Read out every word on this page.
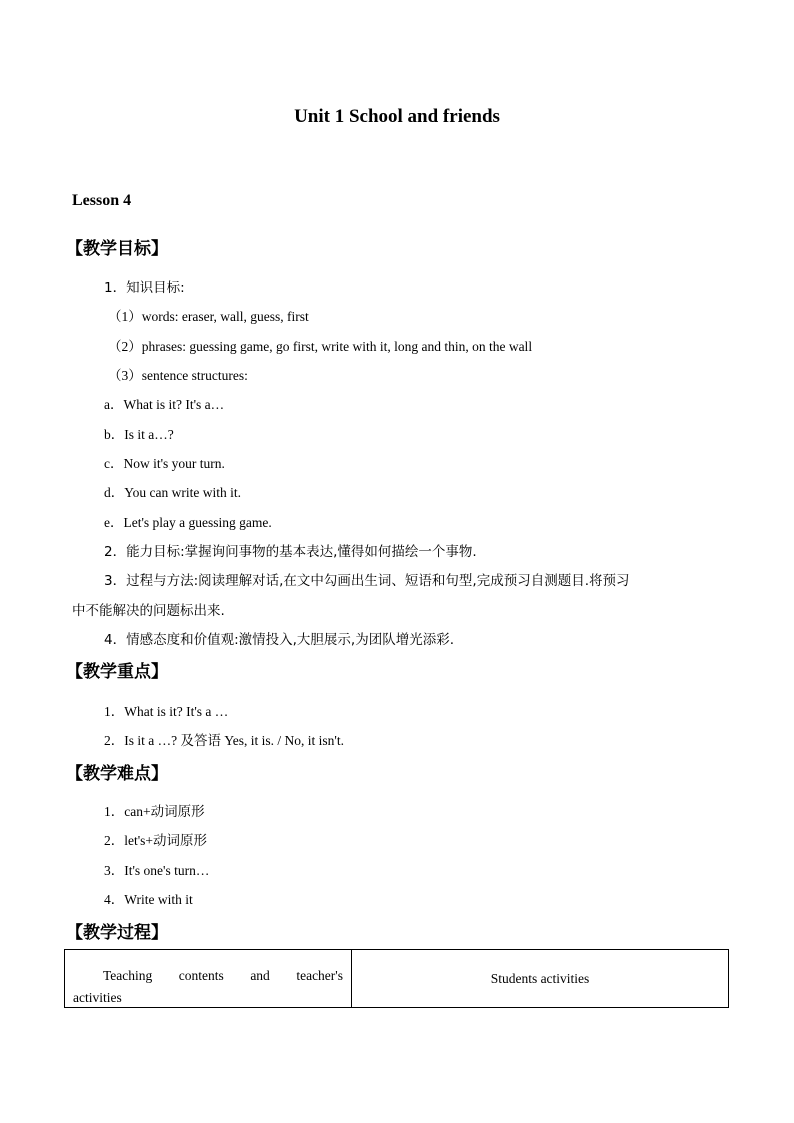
Unit 1 School and friends
Lesson 4
【教学目标】
1．知识目标:
（1）words: eraser, wall, guess, first
（2）phrases: guessing game, go first, write with it, long and thin, on the wall
（3）sentence structures:
a．What is it? It's a…
b．Is it a…?
c．Now it's your turn.
d．You can write with it.
e．Let's play a guessing game.
2．能力目标:掌握询问事物的基本表达,懂得如何描绘一个事物.
3．过程与方法:阅读理解对话,在文中勾画出生词、短语和句型,完成预习自测题目.将预习
中不能解决的问题标出来.
4．情感态度和价值观:激情投入,大胆展示,为团队增光添彩.
【教学重点】
1．What is it? It's a …
2．Is it a …? 及答语 Yes, it is. / No, it isn't.
【教学难点】
1．can+动词原形
2．let's+动词原形
3．It's one's turn…
4．Write with it
【教学过程】
Teaching contents and teacher's
activities
Students activities
